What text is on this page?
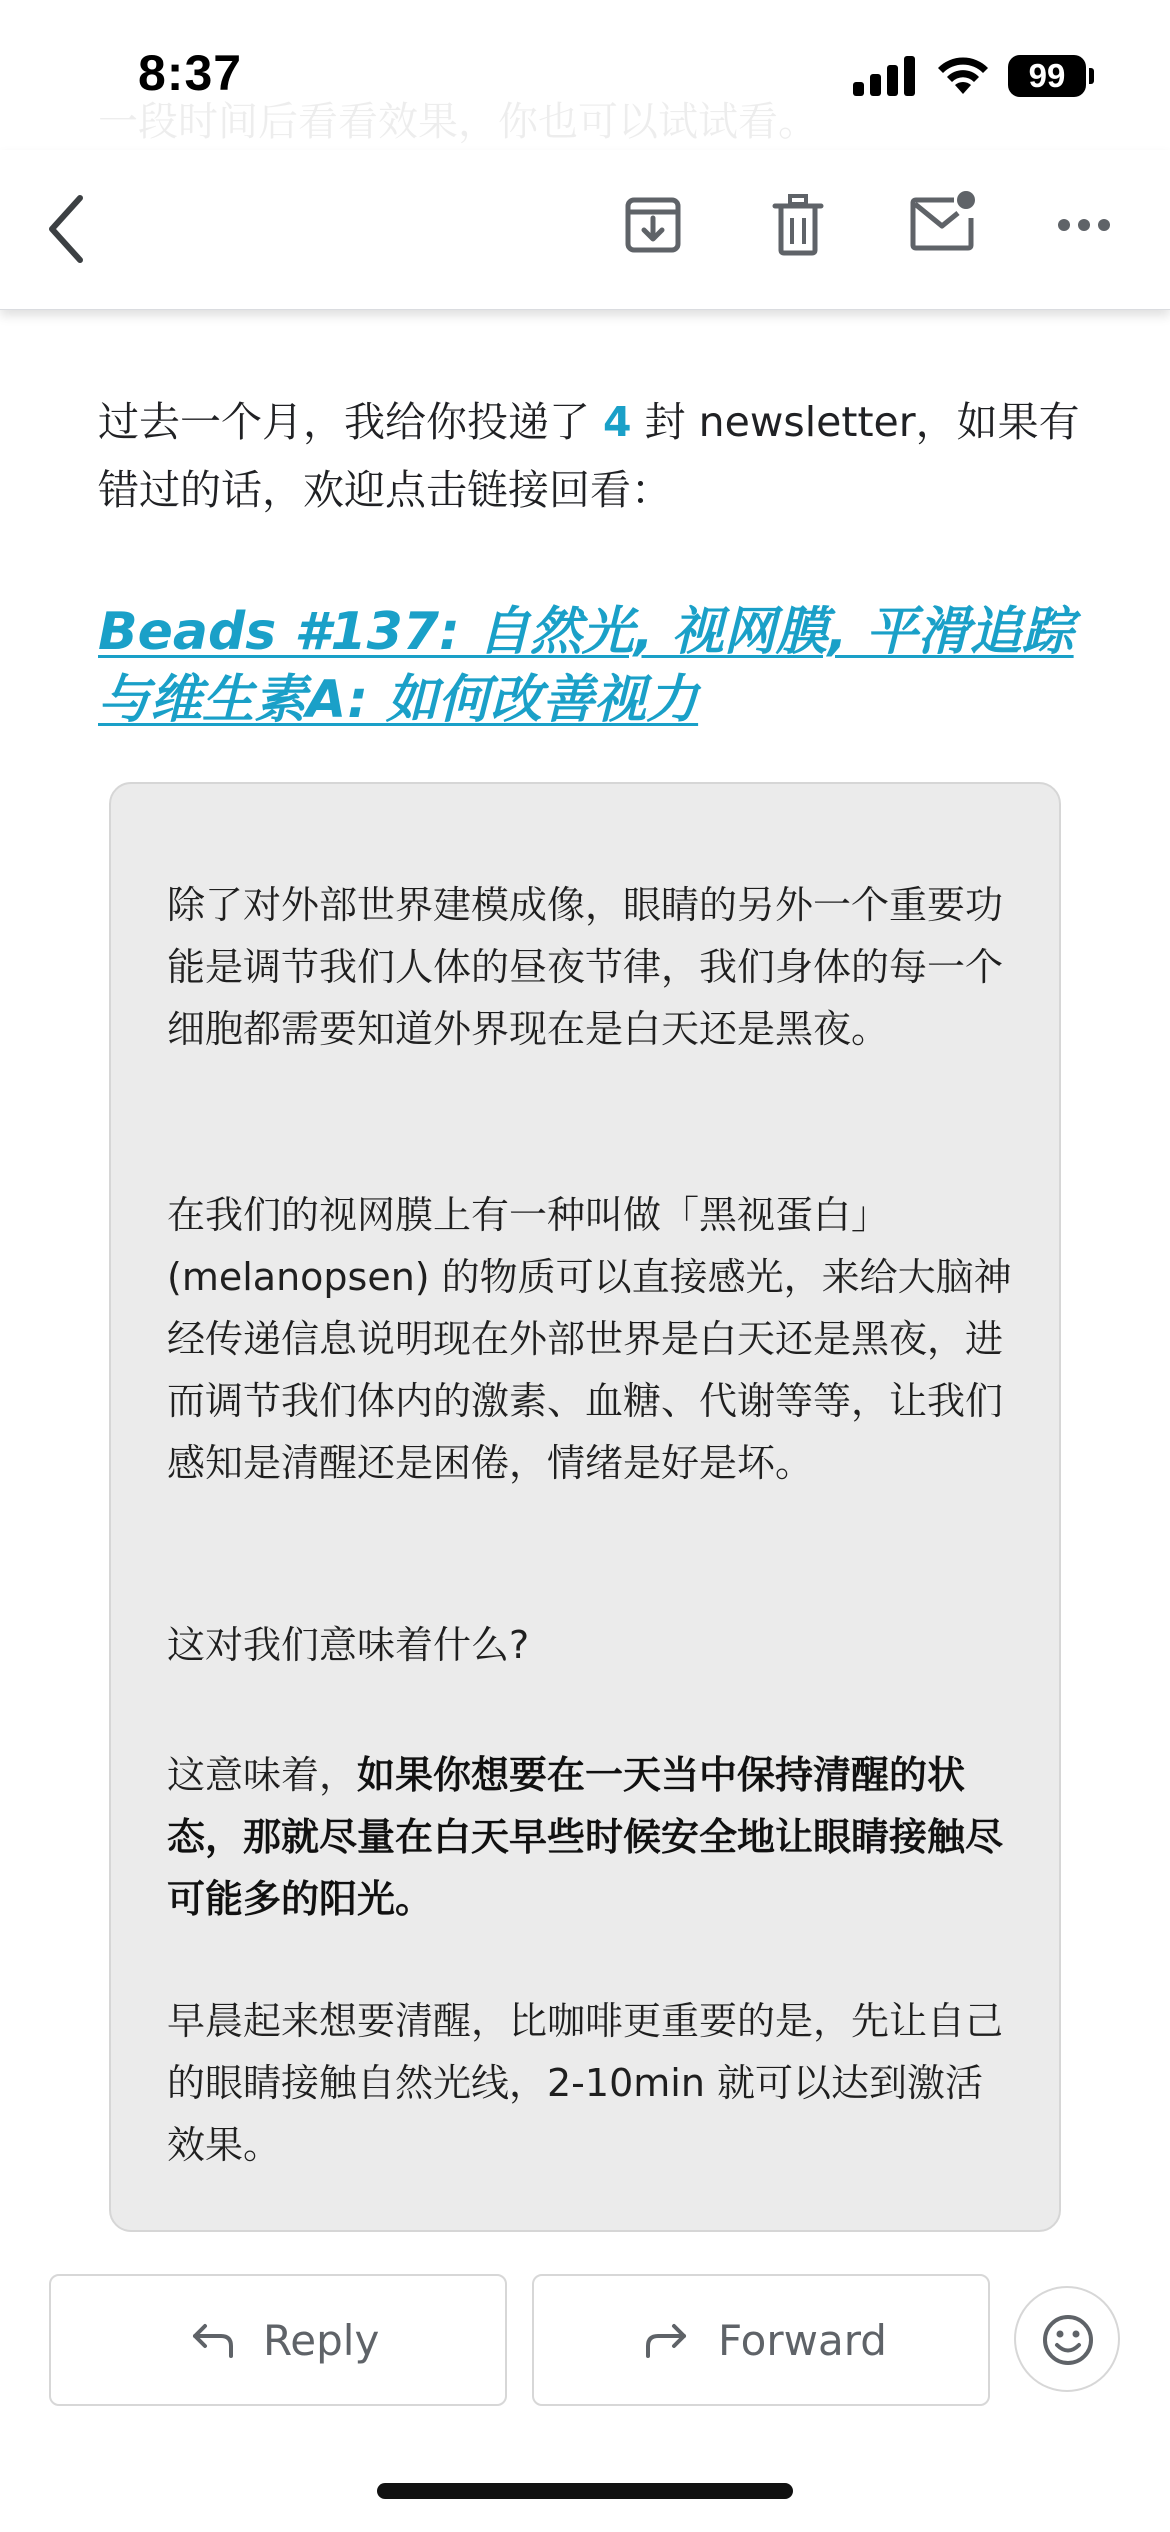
一段时间后看看效果，你也可以试试看。
8:37	99
过去一个月，我给你投递了 4 封 newsletter，如果有错过的话，欢迎点击链接回看：
Beads #137: 自然光, 视网膜, 平滑追踪与维生素A: 如何改善视力
除了对外部世界建模成像，眼睛的另外一个重要功能是调节我们人体的昼夜节律，我们身体的每一个细胞都需要知道外界现在是白天还是黑夜。
在我们的视网膜上有一种叫做「黑视蛋白」(melanopsen) 的物质可以直接感光，来给大脑神经传递信息说明现在外部世界是白天还是黑夜，进而调节我们体内的激素、血糖、代谢等等，让我们感知是清醒还是困倦，情绪是好是坏。
这对我们意味着什么?
这意味着，如果你想要在一天当中保持清醒的状态，那就尽量在白天早些时候安全地让眼睛接触尽可能多的阳光。
早晨起来想要清醒，比咖啡更重要的是，先让自己的眼睛接触自然光线，2-10min 就可以达到激活效果。
Reply	Forward
